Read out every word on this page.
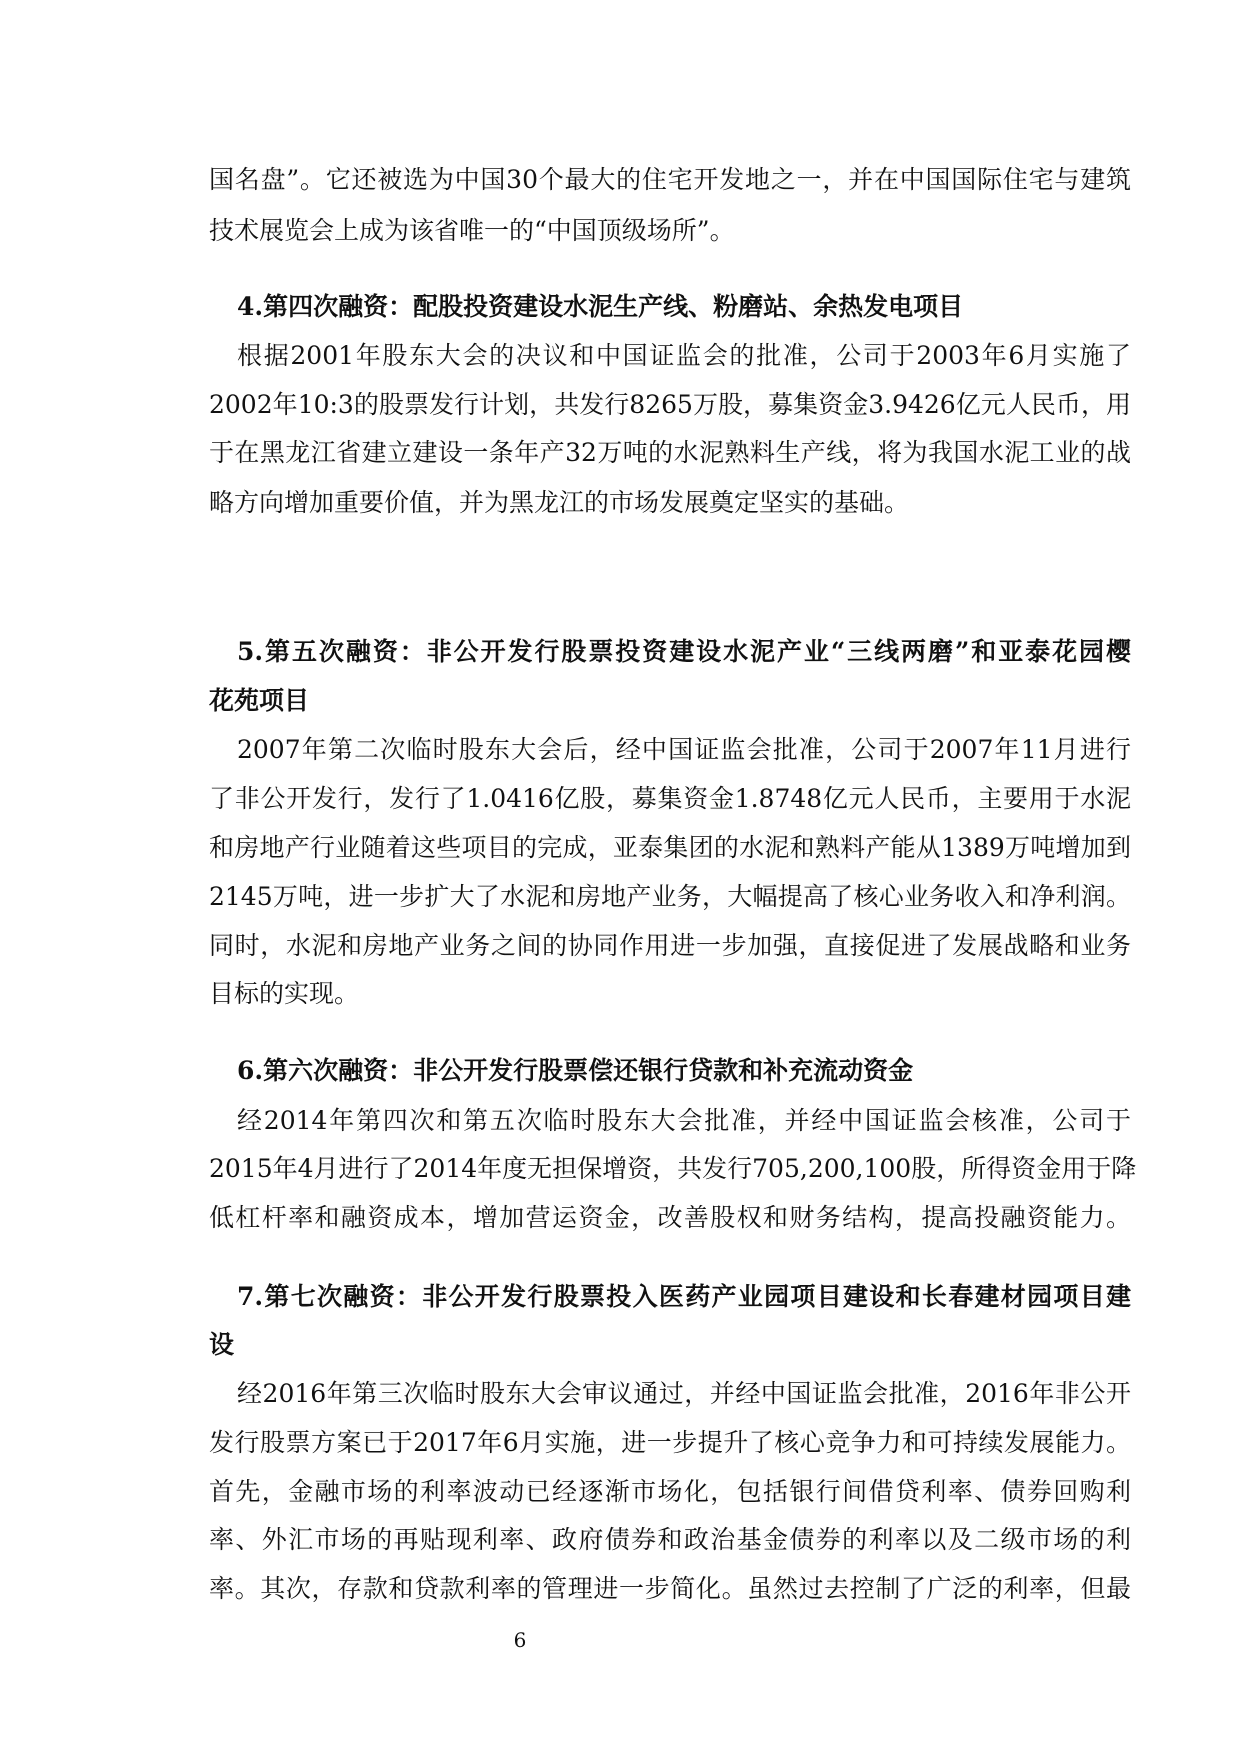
国名盘”。它还被选为中国30个最大的住宅开发地之一，并在中国国际住宅与建筑
技术展览会上成为该省唯一的“中国顶级场所”。
4.第四次融资：配股投资建设水泥生产线、粉磨站、余热发电项目
根据2001年股东大会的决议和中国证监会的批准，公司于2003年6月实施了
2002年10:3的股票发行计划，共发行8265万股，募集资金3.9426亿元人民币，用
于在黑龙江省建立建设一条年产32万吨的水泥熟料生产线，将为我国水泥工业的战
略方向增加重要价值，并为黑龙江的市场发展奠定坚实的基础。
5.第五次融资：非公开发行股票投资建设水泥产业“三线两磨”和亚泰花园樱
花苑项目
2007年第二次临时股东大会后，经中国证监会批准，公司于2007年11月进行
了非公开发行，发行了1.0416亿股，募集资金1.8748亿元人民币，主要用于水泥
和房地产行业随着这些项目的完成，亚泰集团的水泥和熟料产能从1389万吨增加到
2145万吨，进一步扩大了水泥和房地产业务，大幅提高了核心业务收入和净利润。
同时，水泥和房地产业务之间的协同作用进一步加强，直接促进了发展战略和业务
目标的实现。
6.第六次融资：非公开发行股票偿还银行贷款和补充流动资金
经2014年第四次和第五次临时股东大会批准，并经中国证监会核准，公司于
2015年4月进行了2014年度无担保增资，共发行705,200,100股，所得资金用于降
低杠杆率和融资成本，增加营运资金，改善股权和财务结构，提高投融资能力。
7.第七次融资：非公开发行股票投入医药产业园项目建设和长春建材园项目建
设
经2016年第三次临时股东大会审议通过，并经中国证监会批准，2016年非公开
发行股票方案已于2017年6月实施，进一步提升了核心竞争力和可持续发展能力。
首先，金融市场的利率波动已经逐渐市场化，包括银行间借贷利率、债券回购利
率、外汇市场的再贴现利率、政府债券和政治基金债券的利率以及二级市场的利
率。其次，存款和贷款利率的管理进一步简化。虽然过去控制了广泛的利率，但最
6
